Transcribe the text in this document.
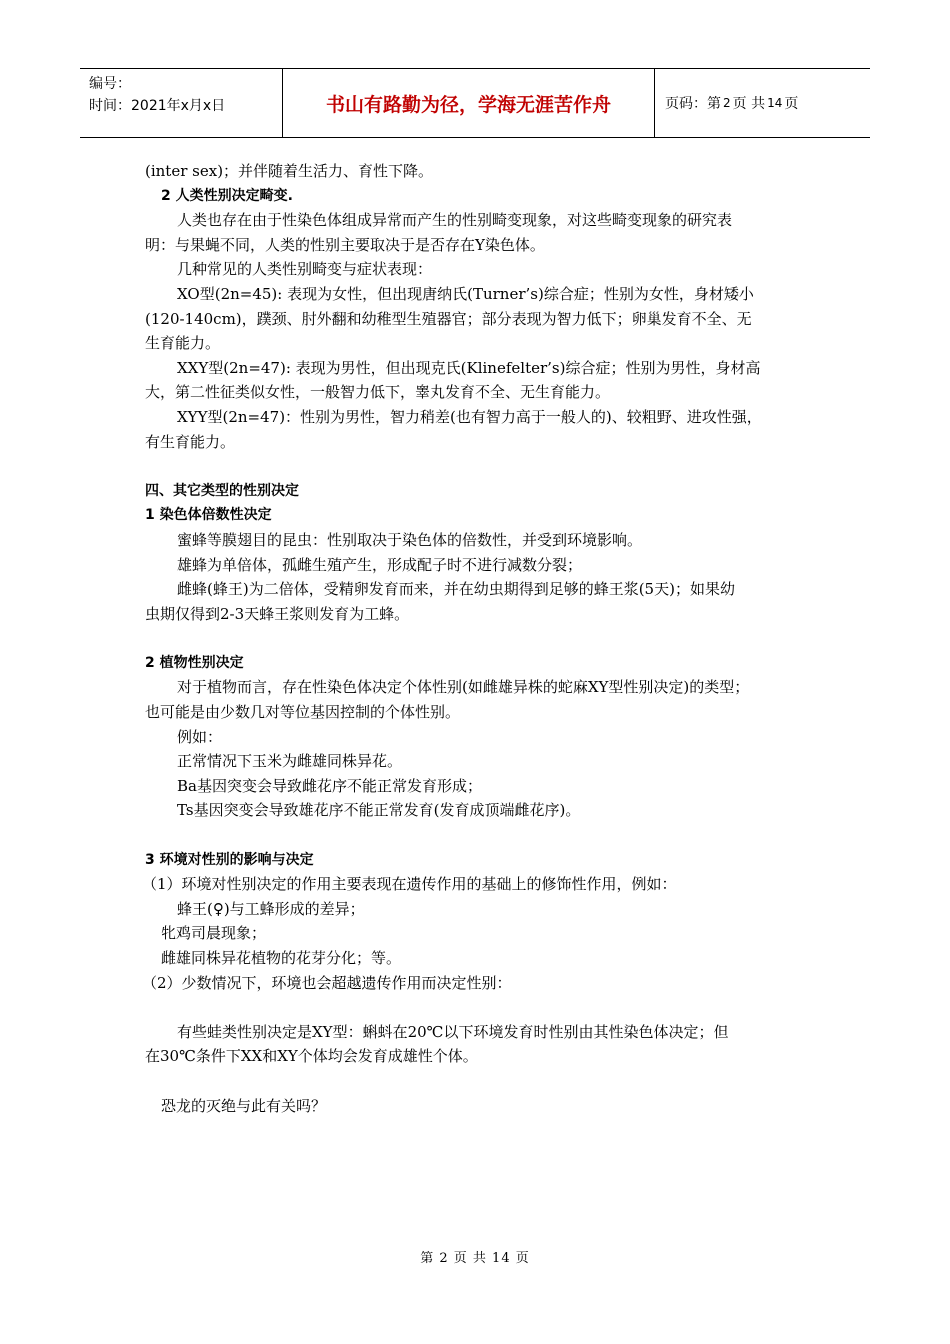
编号：
时间：2021年x月x日	书山有路勤为径，学海无涯苦作舟	页码：第 2 页 共 14 页
(inter sex)；并伴随着生活力、育性下降。
2 人类性别决定畸变.
人类也存在由于性染色体组成异常而产生的性别畸变现象，对这些畸变现象的研究表
明：与果蝇不同，人类的性别主要取决于是否存在Y染色体。
几种常见的人类性别畸变与症状表现：
XO型(2n=45): 表现为女性，但出现唐纳氏(Turner’s)综合症；性别为女性，身材矮小
(120-140cm)，蹼颈、肘外翻和幼稚型生殖器官；部分表现为智力低下；卵巢发育不全、无
生育能力。
XXY型(2n=47): 表现为男性，但出现克氏(Klinefelter’s)综合症；性别为男性，身材高
大，第二性征类似女性，一般智力低下，睾丸发育不全、无生育能力。
XYY型(2n=47)：性别为男性，智力稍差(也有智力高于一般人的)、较粗野、进攻性强，
有生育能力。
四、其它类型的性别决定
1 染色体倍数性决定
蜜蜂等膜翅目的昆虫：性别取决于染色体的倍数性，并受到环境影响。
雄蜂为单倍体，孤雌生殖产生，形成配子时不进行减数分裂；
雌蜂(蜂王)为二倍体，受精卵发育而来，并在幼虫期得到足够的蜂王浆(5天)；如果幼
虫期仅得到2-3天蜂王浆则发育为工蜂。
2 植物性别决定
对于植物而言，存在性染色体决定个体性别(如雌雄异株的蛇麻XY型性别决定)的类型；
也可能是由少数几对等位基因控制的个体性别。
例如：
正常情况下玉米为雌雄同株异花。
Ba基因突变会导致雌花序不能正常发育形成；
Ts基因突变会导致雄花序不能正常发育(发育成顶端雌花序)。
3 环境对性别的影响与决定
（1）环境对性别决定的作用主要表现在遗传作用的基础上的修饰性作用，例如：
蜂王(♀)与工蜂形成的差异；
牝鸡司晨现象；
雌雄同株异花植物的花芽分化；等。
（2）少数情况下，环境也会超越遗传作用而决定性别：
有些蛙类性别决定是XY型：蝌蚪在20℃以下环境发育时性别由其性染色体决定；但
在30℃条件下XX和XY个体均会发育成雄性个体。
恐龙的灭绝与此有关吗？
第 2 页 共 14 页
